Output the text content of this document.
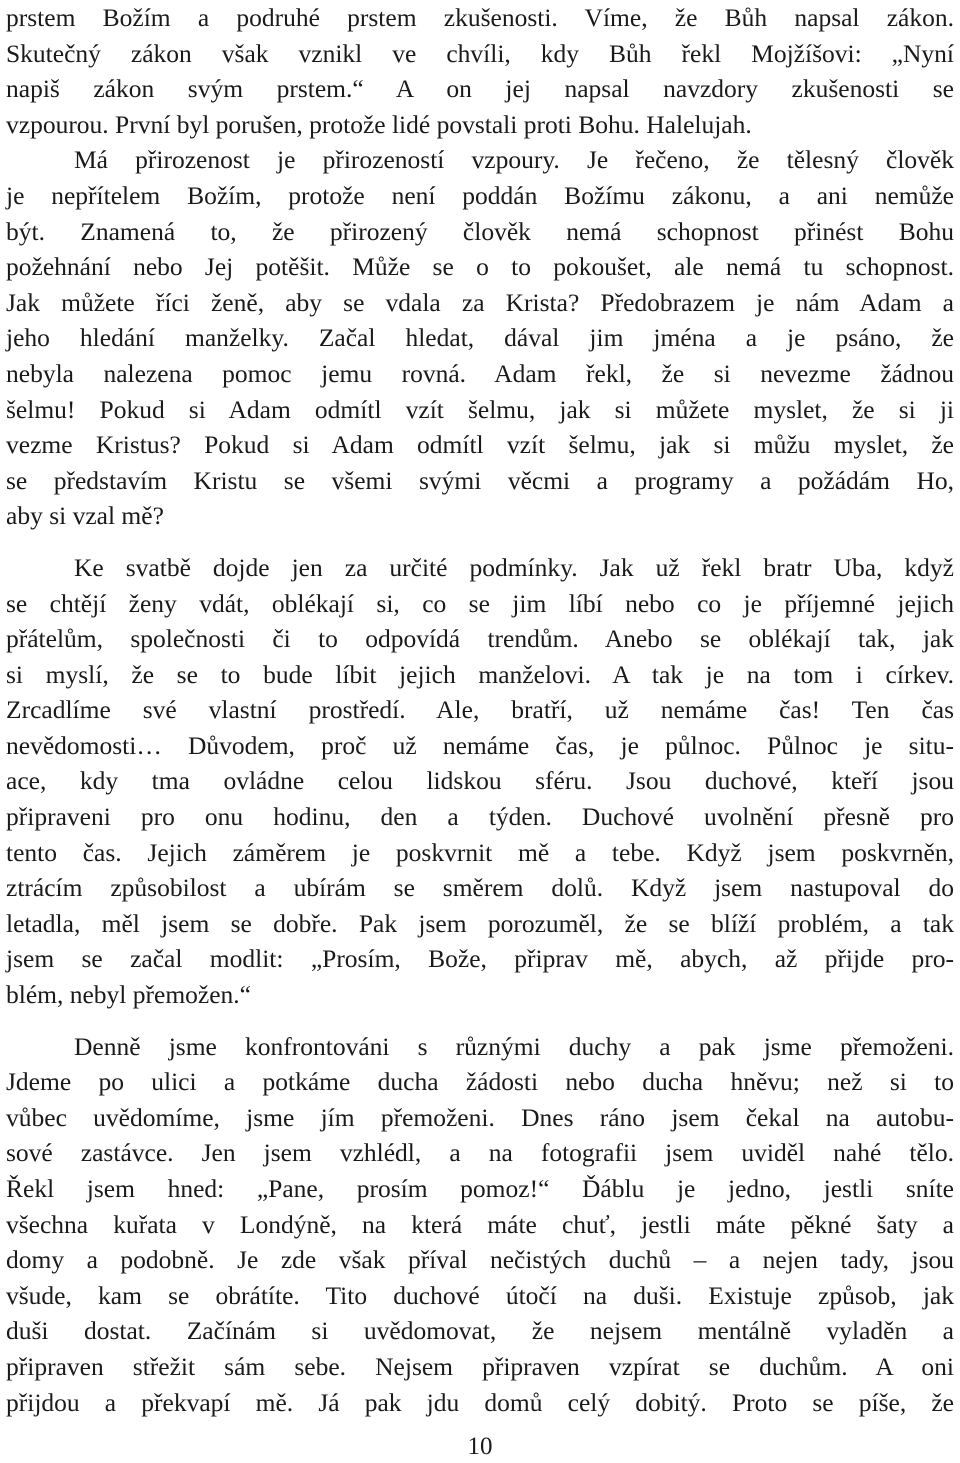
prstem Božím a podruhé prstem zkušenosti. Víme, že Bůh napsal zákon.
Skutečný zákon však vznikl ve chvíli, kdy Bůh řekl Mojžíšovi: „Nyní
napiš zákon svým prstem.“ A on jej napsal navzdory zkušenosti se
vzpourou. První byl porušen, protože lidé povstali proti Bohu. Halelujah.
Má přirozenost je přirozeností vzpoury. Je řečeno, že tělesný člověk
je nepřítelem Božím, protože není poddán Božímu zákonu, a ani nemůže
být. Znamená to, že přirozený člověk nemá schopnost přinést Bohu
požehnání nebo Jej potěšit. Může se o to pokoušet, ale nemá tu schopnost.
Jak můžete říci ženě, aby se vdala za Krista? Předobrazem je nám Adam a
jeho hledání manželky. Začal hledat, dával jim jména a je psáno, že
nebyla nalezena pomoc jemu rovná. Adam řekl, že si nevezme žádnou
šelmu! Pokud si Adam odmítl vzít šelmu, jak si můžete myslet, že si ji
vezme Kristus? Pokud si Adam odmítl vzít šelmu, jak si můžu myslet, že
se představím Kristu se všemi svými věcmi a programy a požádám Ho,
aby si vzal mě?
Ke svatbě dojde jen za určité podmínky. Jak už řekl bratr Uba, když
se chtějí ženy vdát, oblékají si, co se jim líbí nebo co je příjemné jejich
přátelům, společnosti či to odpovídá trendům. Anebo se oblékají tak, jak
si myslí, že se to bude líbit jejich manželovi. A tak je na tom i církev.
Zrcadlíme své vlastní prostředí. Ale, bratří, už nemáme čas! Ten čas
nevědomosti… Důvodem, proč už nemáme čas, je půlnoc. Půlnoc je situ-
ace, kdy tma ovládne celou lidskou sféru. Jsou duchové, kteří jsou
připraveni pro onu hodinu, den a týden. Duchové uvolnění přesně pro
tento čas. Jejich záměrem je poskvrnit mě a tebe. Když jsem poskvrněn,
ztrácím způsobilost a ubírám se směrem dolů. Když jsem nastupoval do
letadla, měl jsem se dobře. Pak jsem porozuměl, že se blíží problém, a tak
jsem se začal modlit: „Prosím, Bože, připrav mě, abych, až přijde pro-
blém, nebyl přemožen.“
Denně jsme konfrontováni s různými duchy a pak jsme přemoženi.
Jdeme po ulici a potkáme ducha žádosti nebo ducha hněvu; než si to
vůbec uvědomíme, jsme jím přemoženi. Dnes ráno jsem čekal na autobu-
sové zastávce. Jen jsem vzhlédl, a na fotografii jsem uviděl nahé tělo.
Řekl jsem hned: „Pane, prosím pomoz!“ Ďáblu je jedno, jestli sníte
všechna kuřata v Londýně, na která máte chuť, jestli máte pěkné šaty a
domy a podobně. Je zde však příval nečistých duchů – a nejen tady, jsou
všude, kam se obrátíte. Tito duchové útočí na duši. Existuje způsob, jak
duši dostat. Začínám si uvědomovat, že nejsem mentálně vyladěn a
připraven střežit sám sebe. Nejsem připraven vzpírat se duchům. A oni
přijdou a překvapí mě. Já pak jdu domů celý dobitý. Proto se píše, že
10
